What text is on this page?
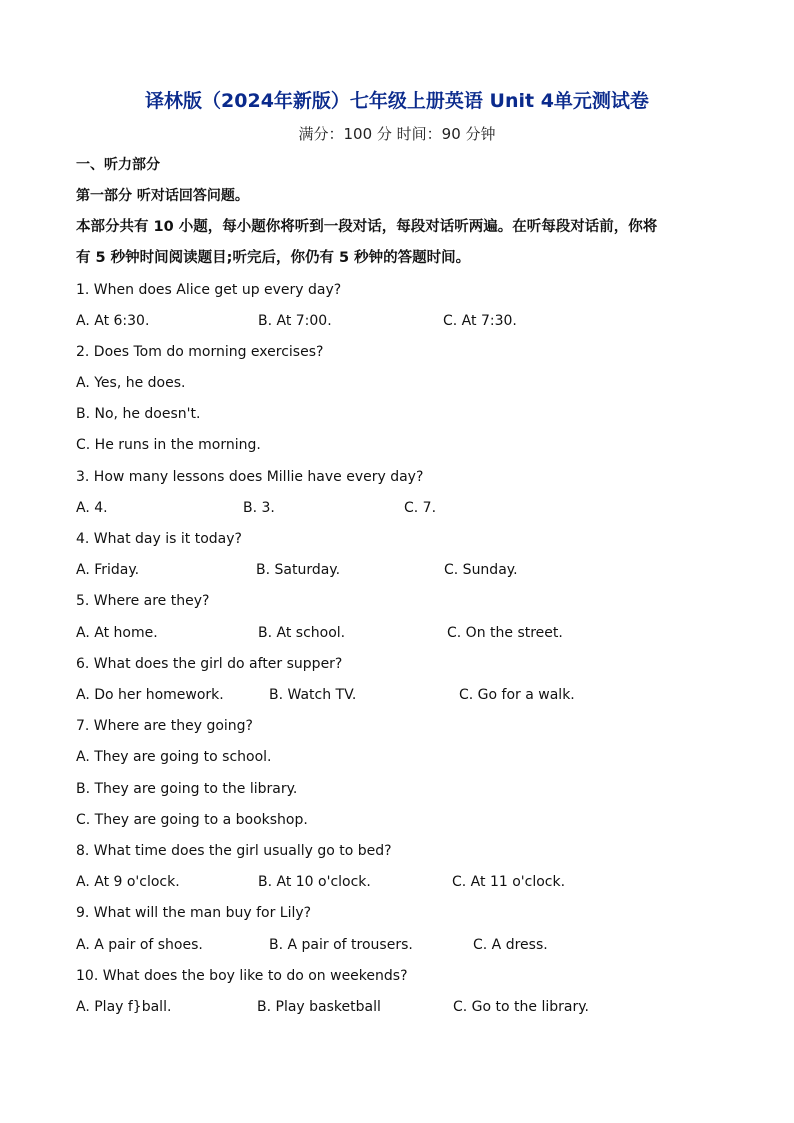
译林版（2024年新版）七年级上册英语 Unit 4单元测试卷
满分：100 分 时间：90 分钟
一、听力部分
第一部分 听对话回答问题。
本部分共有 10 小题，每小题你将听到一段对话，每段对话听两遍。在听每段对话前，你将
有 5 秒钟时间阅读题目;听完后，你仍有 5 秒钟的答题时间。
1. When does Alice get up every day?
A. At 6:30.	B. At 7:00.	C. At 7:30.
2. Does Tom do morning exercises?
A. Yes, he does.
B. No, he doesn't.
C. He runs in the morning.
3. How many lessons does Millie have every day?
A. 4.	B. 3.	C. 7.
4. What day is it today?
A. Friday.	B. Saturday.	C. Sunday.
5. Where are they?
A. At home.	B. At school.	C. On the street.
6. What does the girl do after supper?
A. Do her homework.	B. Watch TV.	C. Go for a walk.
7. Where are they going?
A. They are going to school.
B. They are going to the library.
C. They are going to a bookshop.
8. What time does the girl usually go to bed?
A. At 9 o'clock.	B. At 10 o'clock.	C. At 11 o'clock.
9. What will the man buy for Lily?
A. A pair of shoes.	B. A pair of trousers.	C. A dress.
10. What does the boy like to do on weekends?
A. Play f}ball.	B. Play basketball	C. Go to the library.
